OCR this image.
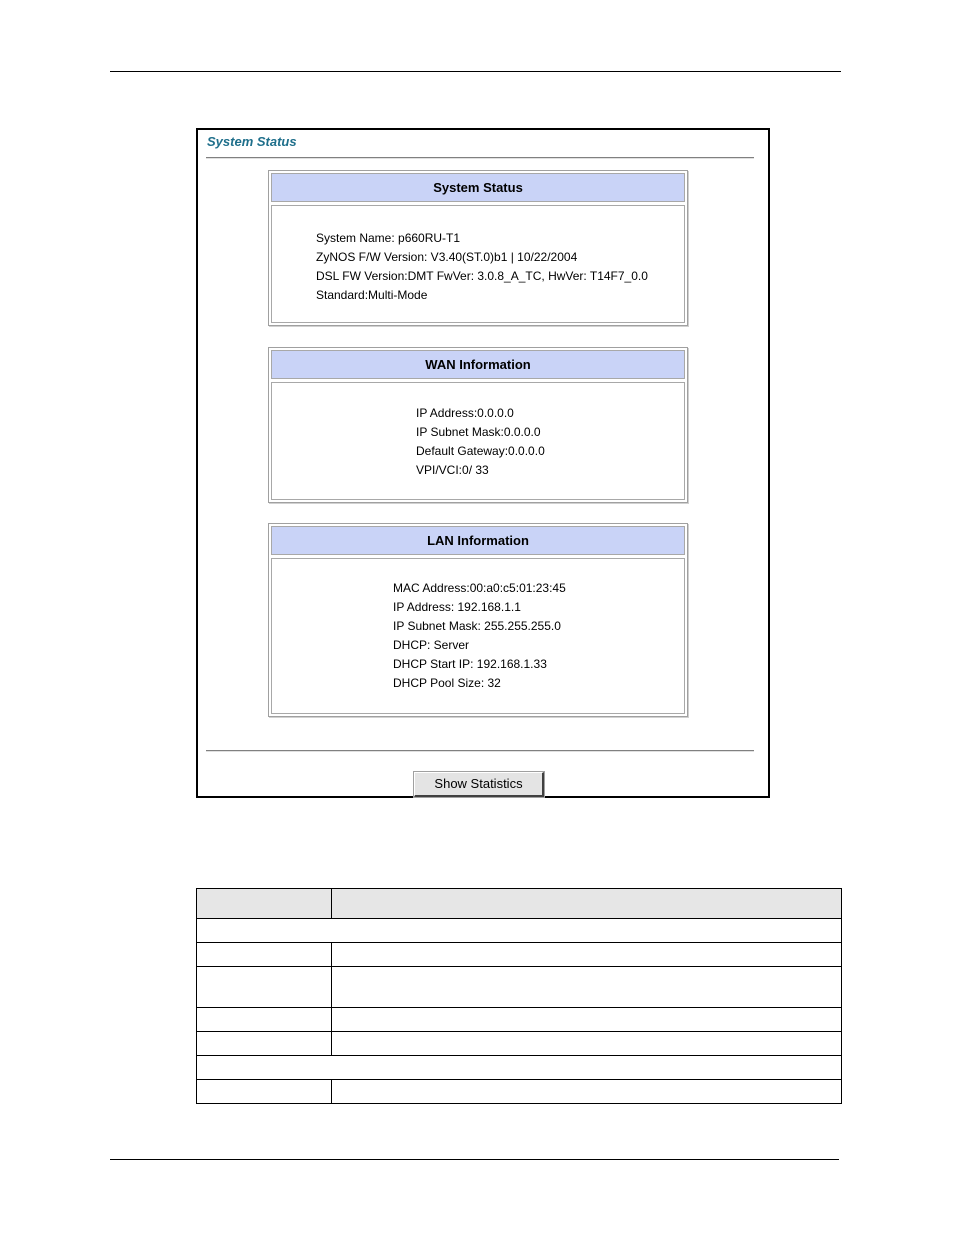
System Status
System Status
System Name: p660RU-T1
ZyNOS F/W Version: V3.40(ST.0)b1 | 10/22/2004
DSL FW Version:DMT FwVer: 3.0.8_A_TC, HwVer: T14F7_0.0
Standard:Multi-Mode
WAN Information
IP Address:0.0.0.0
IP Subnet Mask:0.0.0.0
Default Gateway:0.0.0.0
VPI/VCI:0/ 33
LAN Information
MAC Address:00:a0:c5:01:23:45
IP Address: 192.168.1.1
IP Subnet Mask: 255.255.255.0
DHCP: Server
DHCP Start IP: 192.168.1.33
DHCP Pool Size: 32
Show Statistics
